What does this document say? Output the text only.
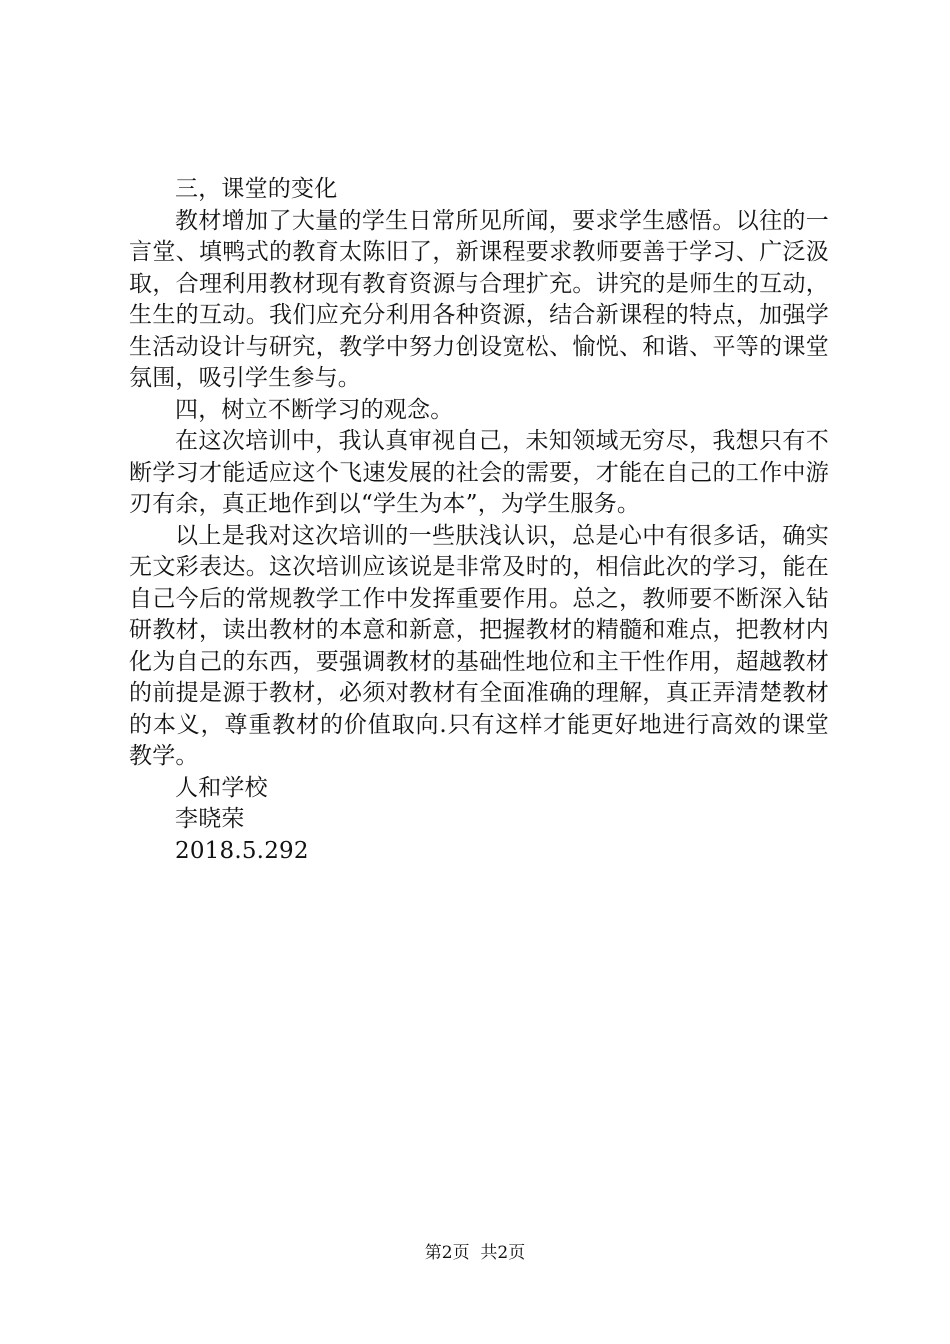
三，课堂的变化

教材增加了大量的学生日常所见所闻，要求学生感悟。以往的一言堂、填鸭式的教育太陈旧了，新课程要求教师要善于学习、广泛汲取，合理利用教材现有教育资源与合理扩充。讲究的是师生的互动，生生的互动。我们应充分利用各种资源，结合新课程的特点，加强学生活动设计与研究，教学中努力创设宽松、愉悦、和谐、平等的课堂氛围，吸引学生参与。

四，树立不断学习的观念。

在这次培训中，我认真审视自己，未知领域无穷尽，我想只有不断学习才能适应这个飞速发展的社会的需要，才能在自己的工作中游刃有余，真正地作到以“学生为本”，为学生服务。

以上是我对这次培训的一些肤浅认识，总是心中有很多话，确实无文彩表达。这次培训应该说是非常及时的，相信此次的学习，能在自己今后的常规教学工作中发挥重要作用。总之，教师要不断深入钻研教材，读出教材的本意和新意，把握教材的精髓和难点，把教材内化为自己的东西，要强调教材的基础性地位和主干性作用，超越教材的前提是源于教材，必须对教材有全面准确的理解，真正弄清楚教材的本义，尊重教材的价值取向.只有这样才能更好地进行高效的课堂教学。

人和学校

李晓荣

2018.5.292

第2页 共2页
